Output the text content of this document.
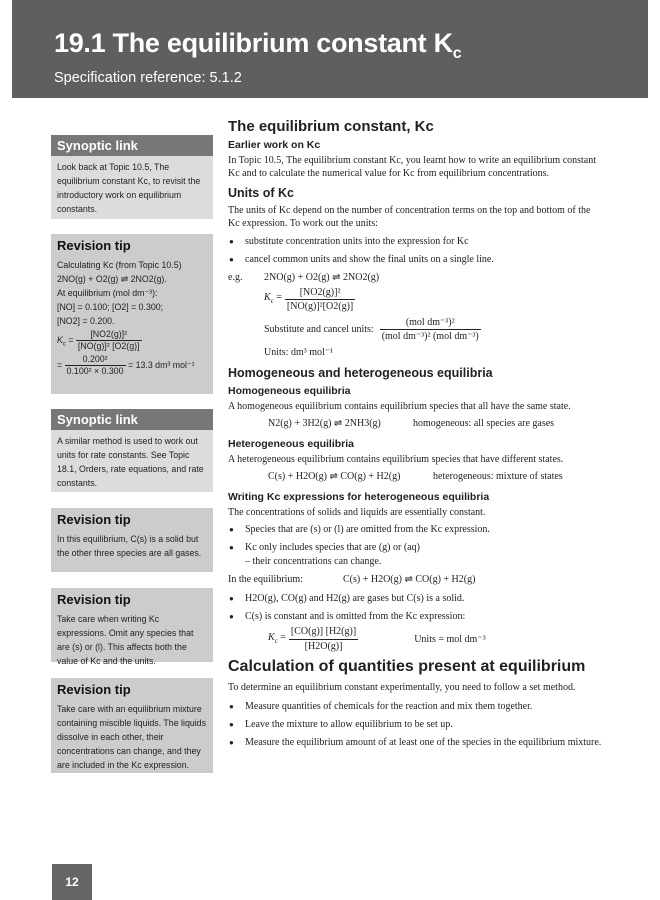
19.1 The equilibrium constant $K_c$
Specification reference: 5.1.2
Synoptic link
Look back at Topic 10.5, The equilibrium constant Kc, to revisit the introductory work on equilibrium constants.
Revision tip
Calculating Kc (from Topic 10.5)
2NO(g) + O2(g) ⇌ 2NO2(g).
At equilibrium (mol dm⁻³):
[NO] = 0.100; [O2] = 0.300;
[NO2] = 0.200.
$K_c = \frac{\text{[NO2(g)]²}}{\text{[NO(g)]² [O2(g)]}}$
= $\frac{\text{0.200²}}{\text{0.100² × 0.300}} = 13.3$ dm³ mol⁻¹
Synoptic link
A similar method is used to work out units for rate constants. See Topic 18.1, Orders, rate equations, and rate constants.
Revision tip
In this equilibrium, C(s) is a solid but the other three species are all gases.
Revision tip
Take care when writing Kc expressions. Omit any species that are (s) or (l). This affects both the value of Kc and the units.
Revision tip
Take care with an equilibrium mixture containing miscible liquids. The liquids dissolve in each other, their concentrations can change, and they are included in the Kc expression.
The equilibrium constant, Kc
Earlier work on Kc

In Topic 10.5, The equilibrium constant Kc, you learnt how to write an equilibrium constant Kc and to calculate the numerical value for Kc from equilibrium concentrations.

Units of Kc

The units of Kc depend on the number of concentration terms on the top and bottom of the Kc expression. To work out the units:

● substitute concentration units into the expression for Kc
● cancel common units and show the final units on a single line.
e.g.	2NO(g) + O2(g) ⇌ 2NO2(g)
$K_c = \frac{\text{[NO2(g)]²}}{\text{[NO(g)]²[O2(g)]}}$
Substitute and cancel units: $\frac{\text{(mol dm⁻³)²}}{\text{(mol dm⁻³)² (mol dm⁻³)}}$
Units: dm³ mol⁻¹
Homogeneous and heterogeneous equilibria
Homogeneous equilibria

A homogeneous equilibrium contains equilibrium species that all have the same state.

N2(g) + 3H2(g) ⇌ 2NH3(g)	homogeneous: all species are gases
Heterogeneous equilibria

A heterogeneous equilibrium contains equilibrium species that have different states.

C(s) + H2O(g) ⇌ CO(g) + H2(g)	heterogeneous: mixture of states
Writing Kc expressions for heterogeneous equilibria

The concentrations of solids and liquids are essentially constant.

● Species that are (s) or (l) are omitted from the Kc expression.
● Kc only includes species that are (g) or (aq)
– their concentrations can change.
In the equilibrium:	C(s) + H2O(g) ⇌ CO(g) + H2(g)
● H2O(g), CO(g) and H2(g) are gases but C(s) is a solid.
● C(s) is constant and is omitted from the Kc expression:
$K_c = \frac{[CO(g)] [H2(g)]}{[H2O(g)]}$	Units = mol dm⁻³
Calculation of quantities present at equilibrium

To determine an equilibrium constant experimentally, you need to follow a set method.

● Measure quantities of chemicals for the reaction and mix them together.
● Leave the mixture to allow equilibrium to be set up.
● Measure the equilibrium amount of at least one of the species in the equilibrium mixture.
12
